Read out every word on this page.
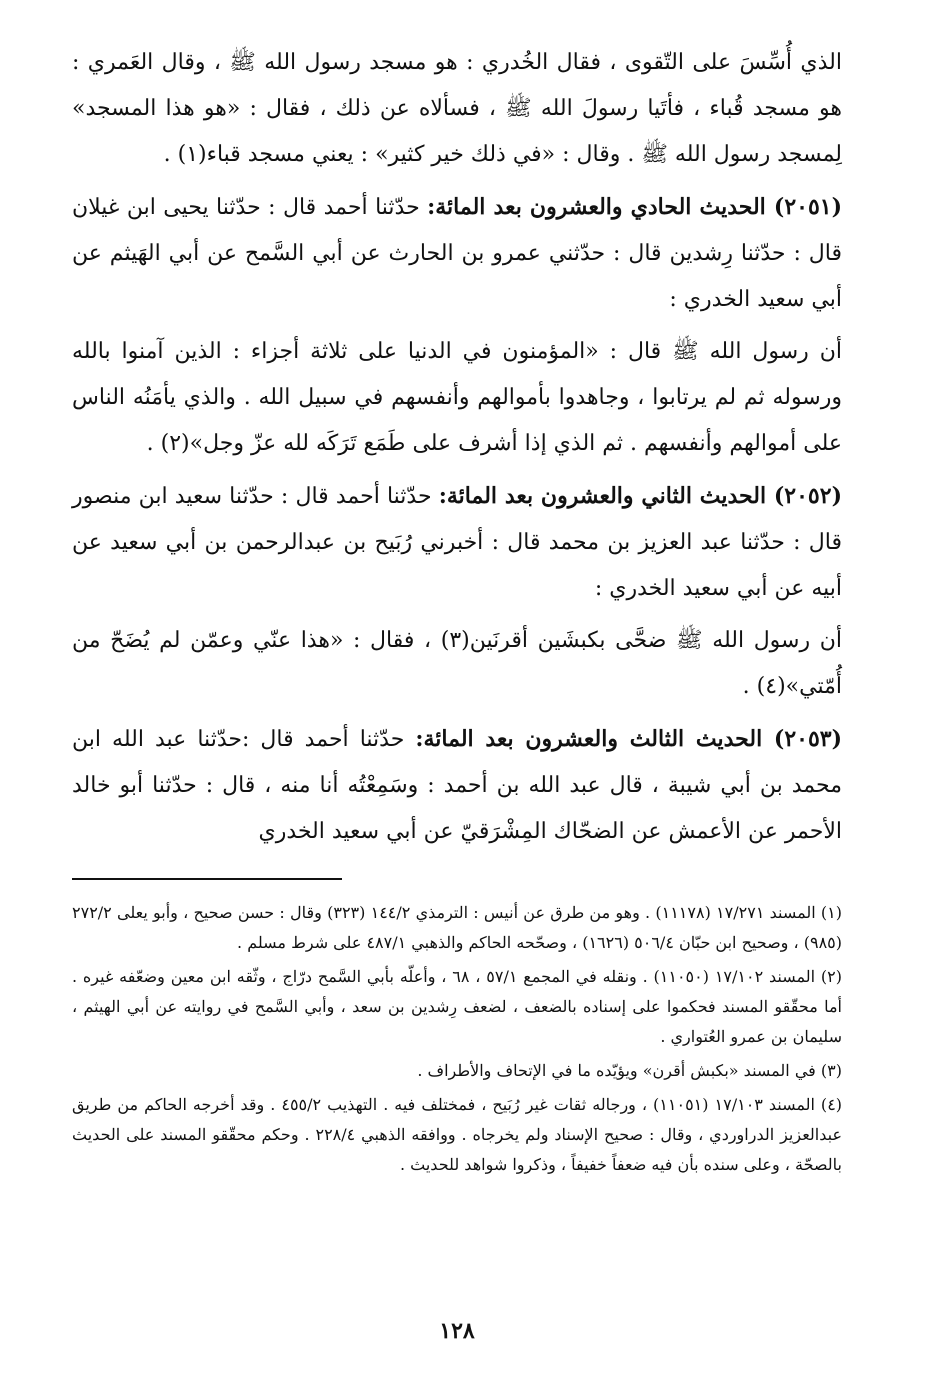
الذي أُسِّسَ على التّقوى ، فقال الخُدري : هو مسجد رسول الله ﷺ ، وقال العَمري : هو مسجد قُباء ، فأتَيا رسولَ الله ﷺ ، فسألاه عن ذلك ، فقال : «هو هذا المسجد» لِمسجد رسول الله ﷺ . وقال : «في ذلك خير كثير» : يعني مسجد قباء(١) .

(٢٠٥١) الحديث الحادي والعشرون بعد المائة: حدّثنا أحمد قال : حدّثنا يحيى ابن غيلان قال : حدّثنا رِشدين قال : حدّثني عمرو بن الحارث عن أبي السَّمح عن أبي الهَيثم عن أبي سعيد الخدري :

أن رسول الله ﷺ قال : «المؤمنون في الدنيا على ثلاثة أجزاء : الذين آمنوا بالله ورسوله ثم لم يرتابوا ، وجاهدوا بأموالهم وأنفسهم في سبيل الله . والذي يأمَنُه الناس على أموالهم وأنفسهم . ثم الذي إذا أشرف على طَمَع تَرَكَه لله عزّ وجل»(٢) .

(٢٠٥٢) الحديث الثاني والعشرون بعد المائة: حدّثنا أحمد قال : حدّثنا سعيد ابن منصور قال : حدّثنا عبد العزيز بن محمد قال : أخبرني رُبَيح بن عبدالرحمن بن أبي سعيد عن أبيه عن أبي سعيد الخدري :

أن رسول الله ﷺ ضحَّى بكبشَين أقرنَين(٣) ، فقال : «هذا عنّي وعمّن لم يُضَحّ من أُمّتي»(٤) .

(٢٠٥٣) الحديث الثالث والعشرون بعد المائة: حدّثنا أحمد قال :حدّثنا عبد الله ابن محمد بن أبي شيبة ، قال عبد الله بن أحمد : وسَمِعْتُه أنا منه ، قال : حدّثنا أبو خالد الأحمر عن الأعمش عن الضحّاك المِشْرَقيّ عن أبي سعيد الخدري

(١) المسند ١٧/٢٧١ (١١١٧٨) . وهو من طرق عن أنيس : الترمذي ١٤٤/٢ (٣٢٣) وقال : حسن صحيح ، وأبو يعلى ٢٧٢/٢ (٩٨٥) ، وصحيح ابن حبّان ٥٠٦/٤ (١٦٢٦) ، وصحّحه الحاكم والذهبي ٤٨٧/١ على شرط مسلم .

(٢) المسند ١٧/١٠٢ (١١٠٥٠) . ونقله في المجمع ٥٧/١ ، ٦٨ ، وأعلّه بأبي السَّمح درّاج ، وثّقه ابن معين وضعّفه غيره . أما محقّقو المسند فحكموا على إسناده بالضعف ، لضعف رِشدين بن سعد ، وأبي السَّمح في روايته عن أبي الهيثم ، سليمان بن عمرو العُتواري .

(٣) في المسند «بكبش أقرن» ويؤيّده ما في الإتحاف والأطراف .

(٤) المسند ١٧/١٠٣ (١١٠٥١) ، ورجاله ثقات غير رُبَيح ، فمختلف فيه . التهذيب ٤٥٥/٢ . وقد أخرجه الحاكم من طريق عبدالعزيز الدراوردي ، وقال : صحيح الإسناد ولم يخرجاه . ووافقه الذهبي ٢٢٨/٤ . وحكم محقّقو المسند على الحديث بالصحّة ، وعلى سنده بأن فيه ضعفاً خفيفاً ، وذكروا شواهد للحديث .

١٢٨
